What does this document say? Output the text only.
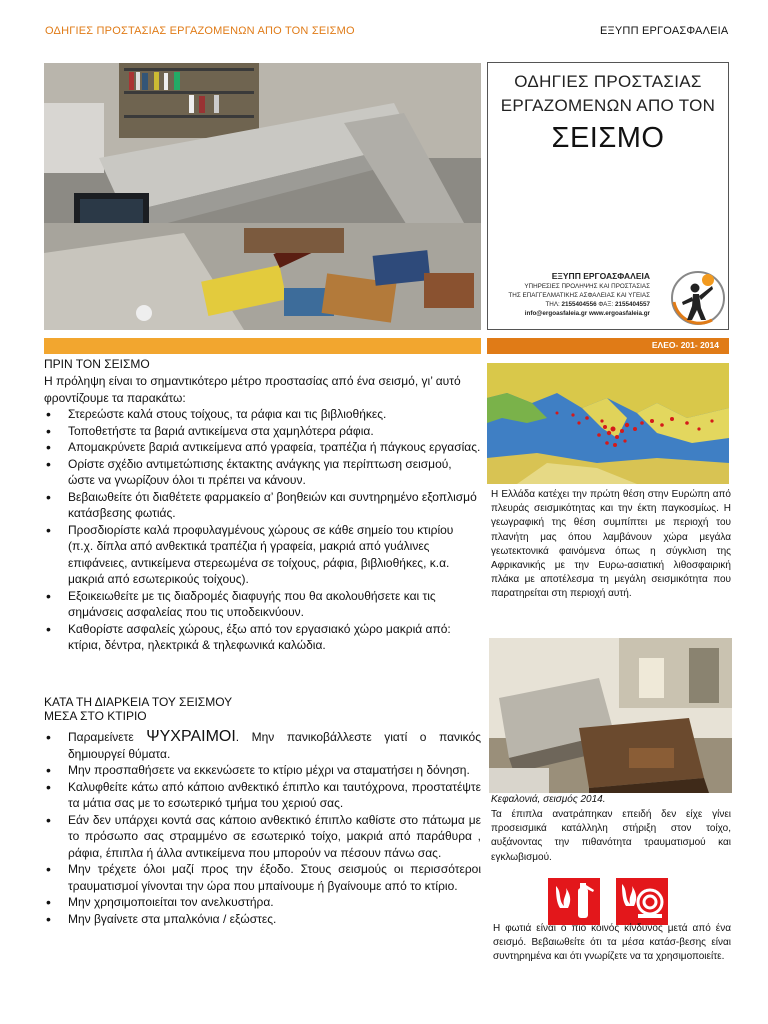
ΟΔΗΓΙΕΣ ΠΡΟΣΤΑΣΙΑΣ ΕΡΓΑΖΟΜΕΝΩΝ ΑΠΟ ΤΟΝ ΣΕΙΣΜΟ	ΕΞΥΠΠ ΕΡΓΟΑΣΦΑΛΕΙΑ
ΟΔΗΓΙΕΣ ΠΡΟΣΤΑΣΙΑΣ
ΕΡΓΑΖΟΜΕΝΩΝ ΑΠΟ ΤΟΝ
ΣΕΙΣΜΟ
ΕΞΥΠΠ ΕΡΓΟΑΣΦΑΛΕΙΑ
ΥΠΗΡΕΣΙΕΣ ΠΡΟΛΗΨΗΣ ΚΑΙ ΠΡΟΣΤΑΣΙΑΣ
ΤΗΣ ΕΠΑΓΓΕΛΜΑΤΙΚΗΣ ΑΣΦΑΛΕΙΑΣ ΚΑΙ ΥΓΕΙΑΣ
ΤΗΛ: 2155404556 ΦΑΞ: 2155404557
info@ergoasfaleia.gr www.ergoasfaleia.gr
ΕΛΕΟ- 201- 2014
ΠΡΙΝ ΤΟΝ ΣΕΙΣΜΟ
Η πρόληψη είναι το σημαντικότερο μέτρο προστασίας από ένα σεισμό, γι’ αυτό φροντίζουμε τα παρακάτω:
• Στερεώστε καλά στους τοίχους, τα ράφια και τις βιβλιοθήκες.
• Τοποθετήστε τα βαριά αντικείμενα στα χαμηλότερα ράφια.
• Απομακρύνετε βαριά αντικείμενα από γραφεία, τραπέζια ή πάγκους εργασίας.
• Ορίστε σχέδιο αντιμετώπισης έκτακτης ανάγκης για περίπτωση σεισμού, ώστε να γνωρίζουν όλοι τι πρέπει να κάνουν.
• Βεβαιωθείτε ότι διαθέτετε φαρμακείο α’ βοηθειών και συντηρημένο εξοπλισμό κατάσβεσης φωτιάς.
• Προσδιορίστε καλά προφυλαγμένους χώρους σε κάθε σημείο του κτιρίου (π.χ. δίπλα από ανθεκτικά τραπέζια ή γραφεία, μακριά από γυάλινες επιφάνειες, αντικείμενα στερεωμένα σε τοίχους, ράφια, βιβλιοθήκες, κ.α. μακριά από εσωτερικούς τοίχους).
• Εξοικειωθείτε με τις διαδρομές διαφυγής που θα ακολουθήσετε και τις σημάνσεις ασφαλείας που τις υποδεικνύουν.
• Καθορίστε ασφαλείς χώρους, έξω από τον εργασιακό χώρο μακριά από: κτίρια, δέντρα, ηλεκτρικά & τηλεφωνικά καλώδια.
ΚΑΤΑ ΤΗ ΔΙΑΡΚΕΙΑ ΤΟΥ ΣΕΙΣΜΟΥ
ΜΕΣΑ ΣΤΟ ΚΤΙΡΙΟ
• Παραμείνετε ΨΥΧΡΑΙΜΟΙ. Μην πανικοβάλλεστε γιατί ο πανικός δημιουργεί θύματα.
• Μην προσπαθήσετε να εκκενώσετε το κτίριο μέχρι να σταματήσει η δόνηση.
• Καλυφθείτε κάτω από κάποιο ανθεκτικό έπιπλο και ταυτόχρονα, προστατέψτε τα μάτια σας με το εσωτερικό τμήμα του χεριού σας.
• Εάν δεν υπάρχει κοντά σας κάποιο ανθεκτικό έπιπλο καθίστε στο πάτωμα με το πρόσωπο σας στραμμένο σε εσωτερικό τοίχο, μακριά από παράθυρα , ράφια, έπιπλα ή άλλα αντικείμενα που μπορούν να πέσουν πάνω σας.
• Μην τρέχετε όλοι μαζί προς την έξοδο. Στους σεισμούς οι περισσότεροι τραυματισμοί γίνονται την ώρα που μπαίνουμε ή βγαίνουμε από το κτίριο.
• Μην χρησιμοποιείται τον ανελκυστήρα.
• Μην βγαίνετε στα μπαλκόνια / εξώστες.
Η Ελλάδα κατέχει την πρώτη θέση στην Ευρώπη από πλευράς σεισμικότητας και την έκτη παγκοσμίως. Η γεωγραφική της θέση συμπίπτει με περιοχή του πλανήτη μας όπου λαμβάνουν χώρα μεγάλα γεωτεκτονικά φαινόμενα όπως η σύγκλιση της Αφρικανικής με την Ευρω-ασιατική λιθοσφαιρική πλάκα με αποτέλεσμα τη μεγάλη σεισμικότητα που παρατηρείται στη περιοχή αυτή.
Κεφαλονιά, σεισμός 2014.
Τα έπιπλα ανατράπηκαν επειδή δεν είχε γίνει προσεισμικά κατάλληλη στήριξη στον τοίχο, αυξάνοντας την πιθανότητα τραυματισμού και εγκλωβισμού.
Η φωτιά είναι ο πιο κοινός κίνδυνος μετά από ένα σεισμό. Βεβαιωθείτε ότι τα μέσα κατάσ-βεσης είναι συντηρημένα και ότι γνωρίζετε να τα χρησιμοποιείτε.
